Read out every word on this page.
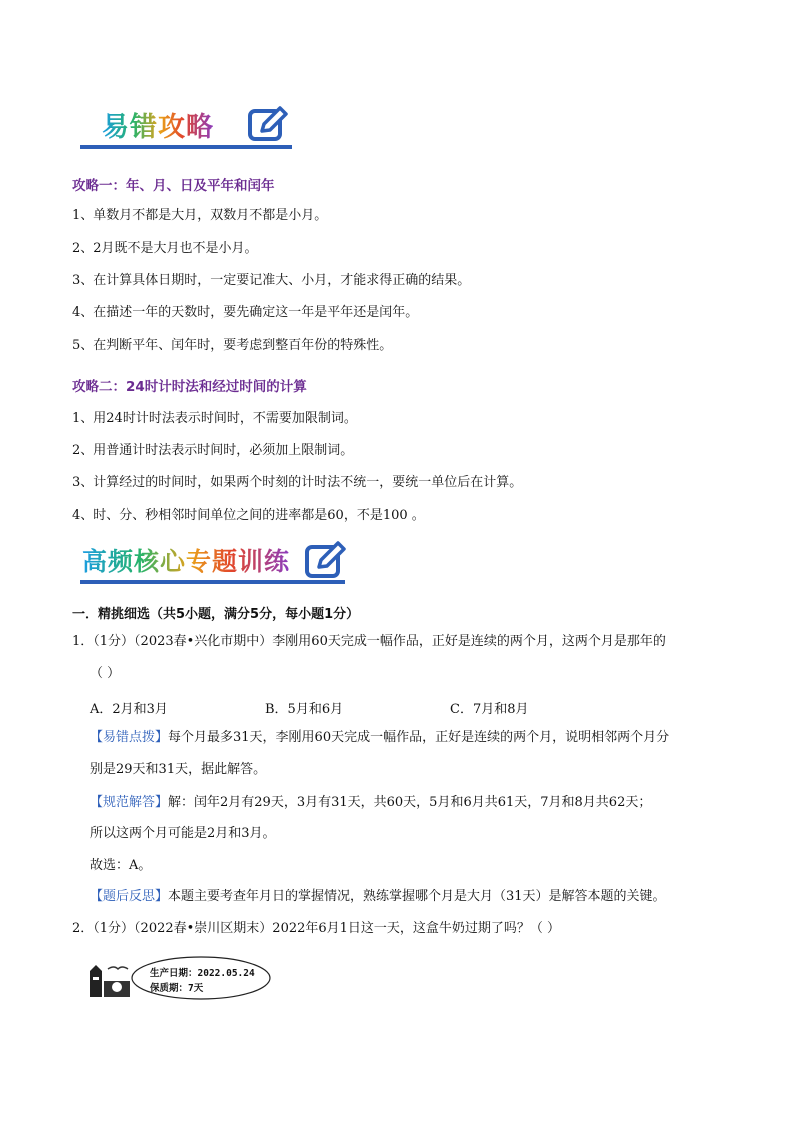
易错攻略
攻略一：年、月、日及平年和闰年
1、单数月不都是大月，双数月不都是小月。
2、2月既不是大月也不是小月。
3、在计算具体日期时，一定要记准大、小月，才能求得正确的结果。
4、在描述一年的天数时，要先确定这一年是平年还是闰年。
5、在判断平年、闰年时，要考虑到整百年份的特殊性。
攻略二：24时计时法和经过时间的计算
1、用24时计时法表示时间时，不需要加限制词。
2、用普通计时法表示时间时，必须加上限制词。
3、计算经过的时间时，如果两个时刻的计时法不统一，要统一单位后在计算。
4、时、分、秒相邻时间单位之间的进率都是60，不是100 。
高频核心专题训练
一．精挑细选（共5小题，满分5分，每小题1分）
1．（1分）（2023春•兴化市期中）李刚用60天完成一幅作品，正好是连续的两个月，这两个月是那年的
（ ）
A．2月和3月	B．5月和6月	C．7月和8月
【易错点拨】每个月最多31天，李刚用60天完成一幅作品，正好是连续的两个月，说明相邻两个月分
别是29天和31天，据此解答。
【规范解答】解：闰年2月有29天，3月有31天，共60天，5月和6月共61天，7月和8月共62天；
所以这两个月可能是2月和3月。
故选：A。
【题后反思】本题主要考查年月日的掌握情况，熟练掌握哪个月是大月（31天）是解答本题的关键。
2．（1分）（2022春•崇川区期末）2022年6月1日这一天，这盒牛奶过期了吗？（ ）
生产日期：2022.05.24
保质期：7天
